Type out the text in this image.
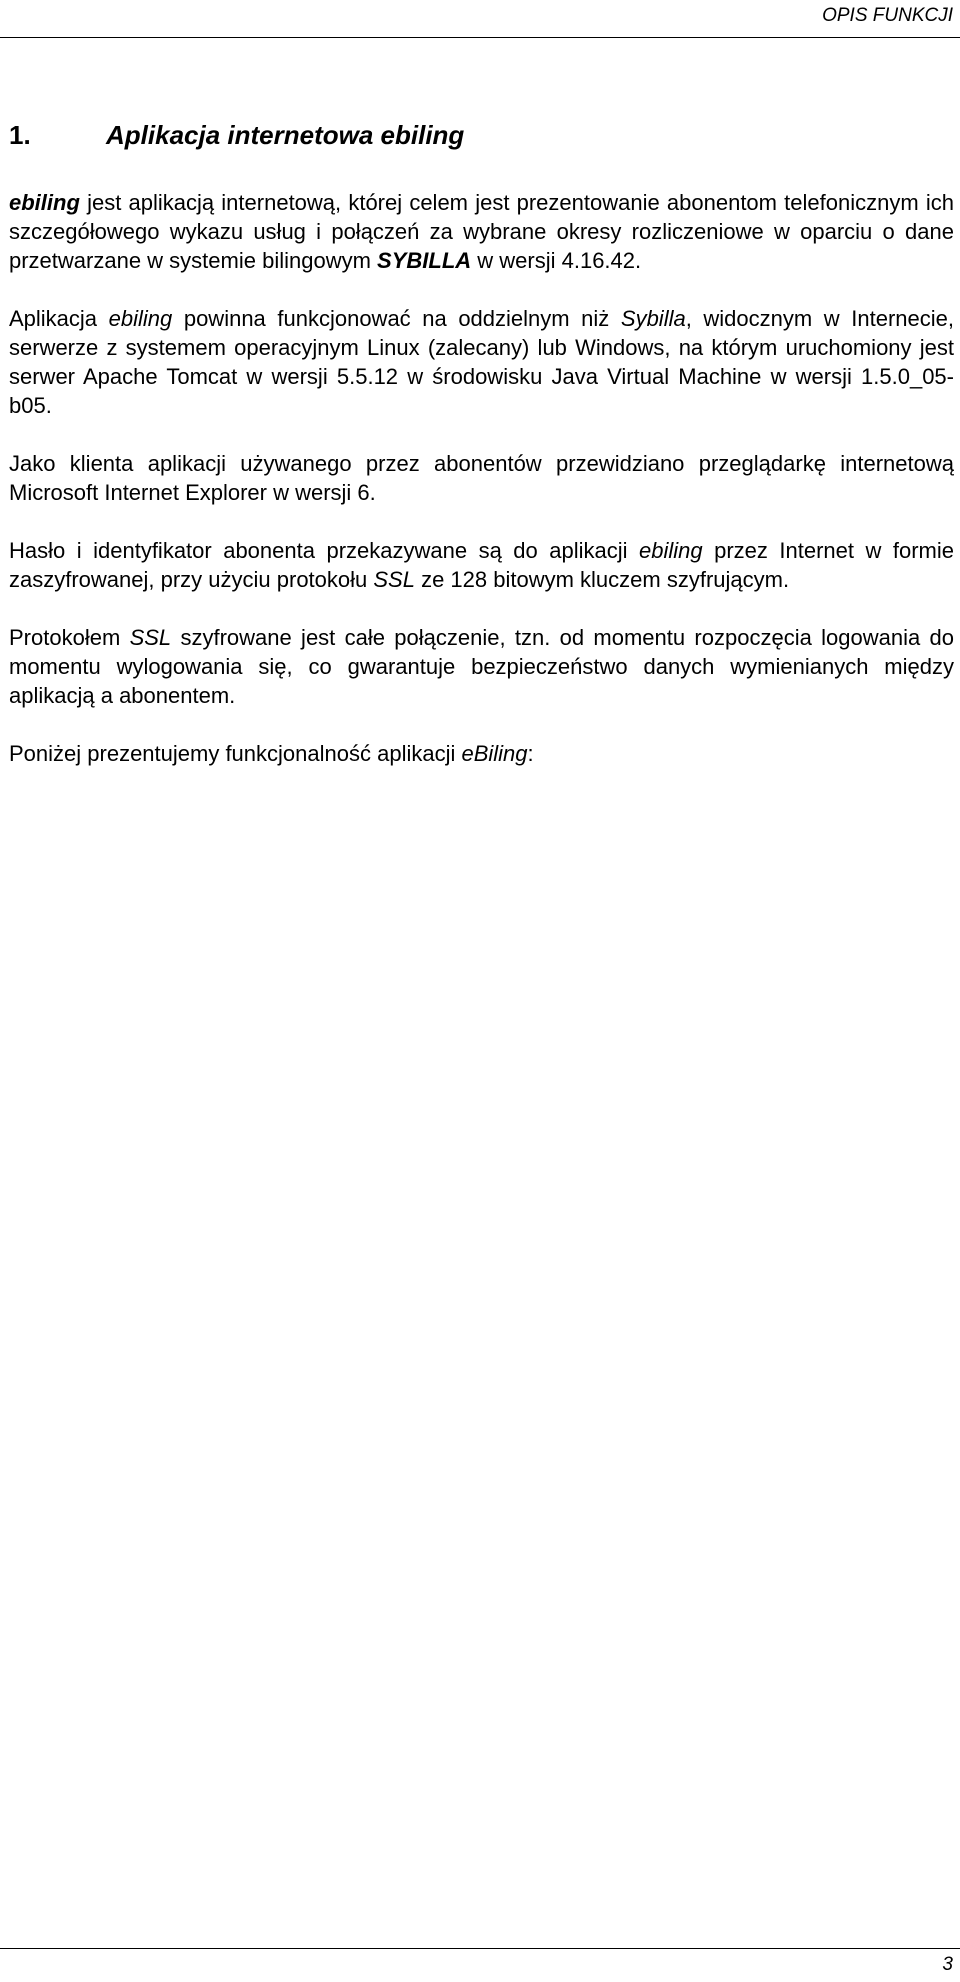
OPIS FUNKCJI
1.	Aplikacja internetowa ebiling

ebiling jest aplikacją internetową, której celem jest prezentowanie abonentom telefonicznym ich szczegółowego wykazu usług i połączeń za wybrane okresy rozliczeniowe w oparciu o dane przetwarzane w systemie bilingowym SYBILLA w wersji 4.16.42.

Aplikacja ebiling powinna funkcjonować na oddzielnym niż Sybilla, widocznym w Internecie, serwerze z systemem operacyjnym Linux (zalecany) lub Windows, na którym uruchomiony jest serwer Apache Tomcat w wersji 5.5.12 w środowisku Java Virtual Machine w wersji 1.5.0_05-b05.

Jako klienta aplikacji używanego przez abonentów przewidziano przeglądarkę internetową Microsoft Internet Explorer w wersji 6.

Hasło i identyfikator abonenta przekazywane są do aplikacji ebiling przez Internet w formie zaszyfrowanej, przy użyciu protokołu SSL ze 128 bitowym kluczem szyfrującym.

Protokołem SSL szyfrowane jest całe połączenie, tzn. od momentu rozpoczęcia logowania do momentu wylogowania się, co gwarantuje bezpieczeństwo danych wymienianych między aplikacją a abonentem.

Poniżej prezentujemy funkcjonalność aplikacji eBiling:

3
